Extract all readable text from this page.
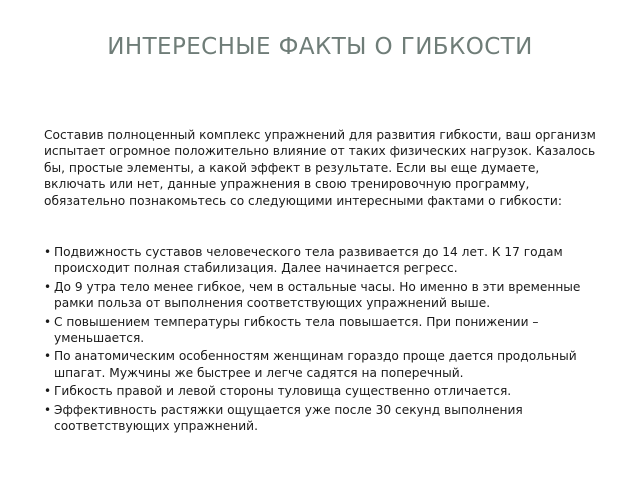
ИНТЕРЕСНЫЕ ФАКТЫ О ГИБКОСТИ

Составив полноценный комплекс упражнений для развития гибкости, ваш организм испытает огромное положительно влияние от таких физических нагрузок. Казалось бы, простые элементы, а какой эффект в результате. Если вы еще думаете, включать или нет, данные упражнения в свою тренировочную программу, обязательно познакомьтесь со следующими интересными фактами о гибкости:

• Подвижность суставов человеческого тела развивается до 14 лет. К 17 годам происходит полная стабилизация. Далее начинается регресс.
• До 9 утра тело менее гибкое, чем в остальные часы. Но именно в эти временные рамки польза от выполнения соответствующих упражнений выше.
• С повышением температуры гибкость тела повышается. При понижении – уменьшается.
• По анатомическим особенностям женщинам гораздо проще дается продольный шпагат. Мужчины же быстрее и легче садятся на поперечный.
• Гибкость правой и левой стороны туловища существенно отличается.
• Эффективность растяжки ощущается уже после 30 секунд выполнения соответствующих упражнений.
